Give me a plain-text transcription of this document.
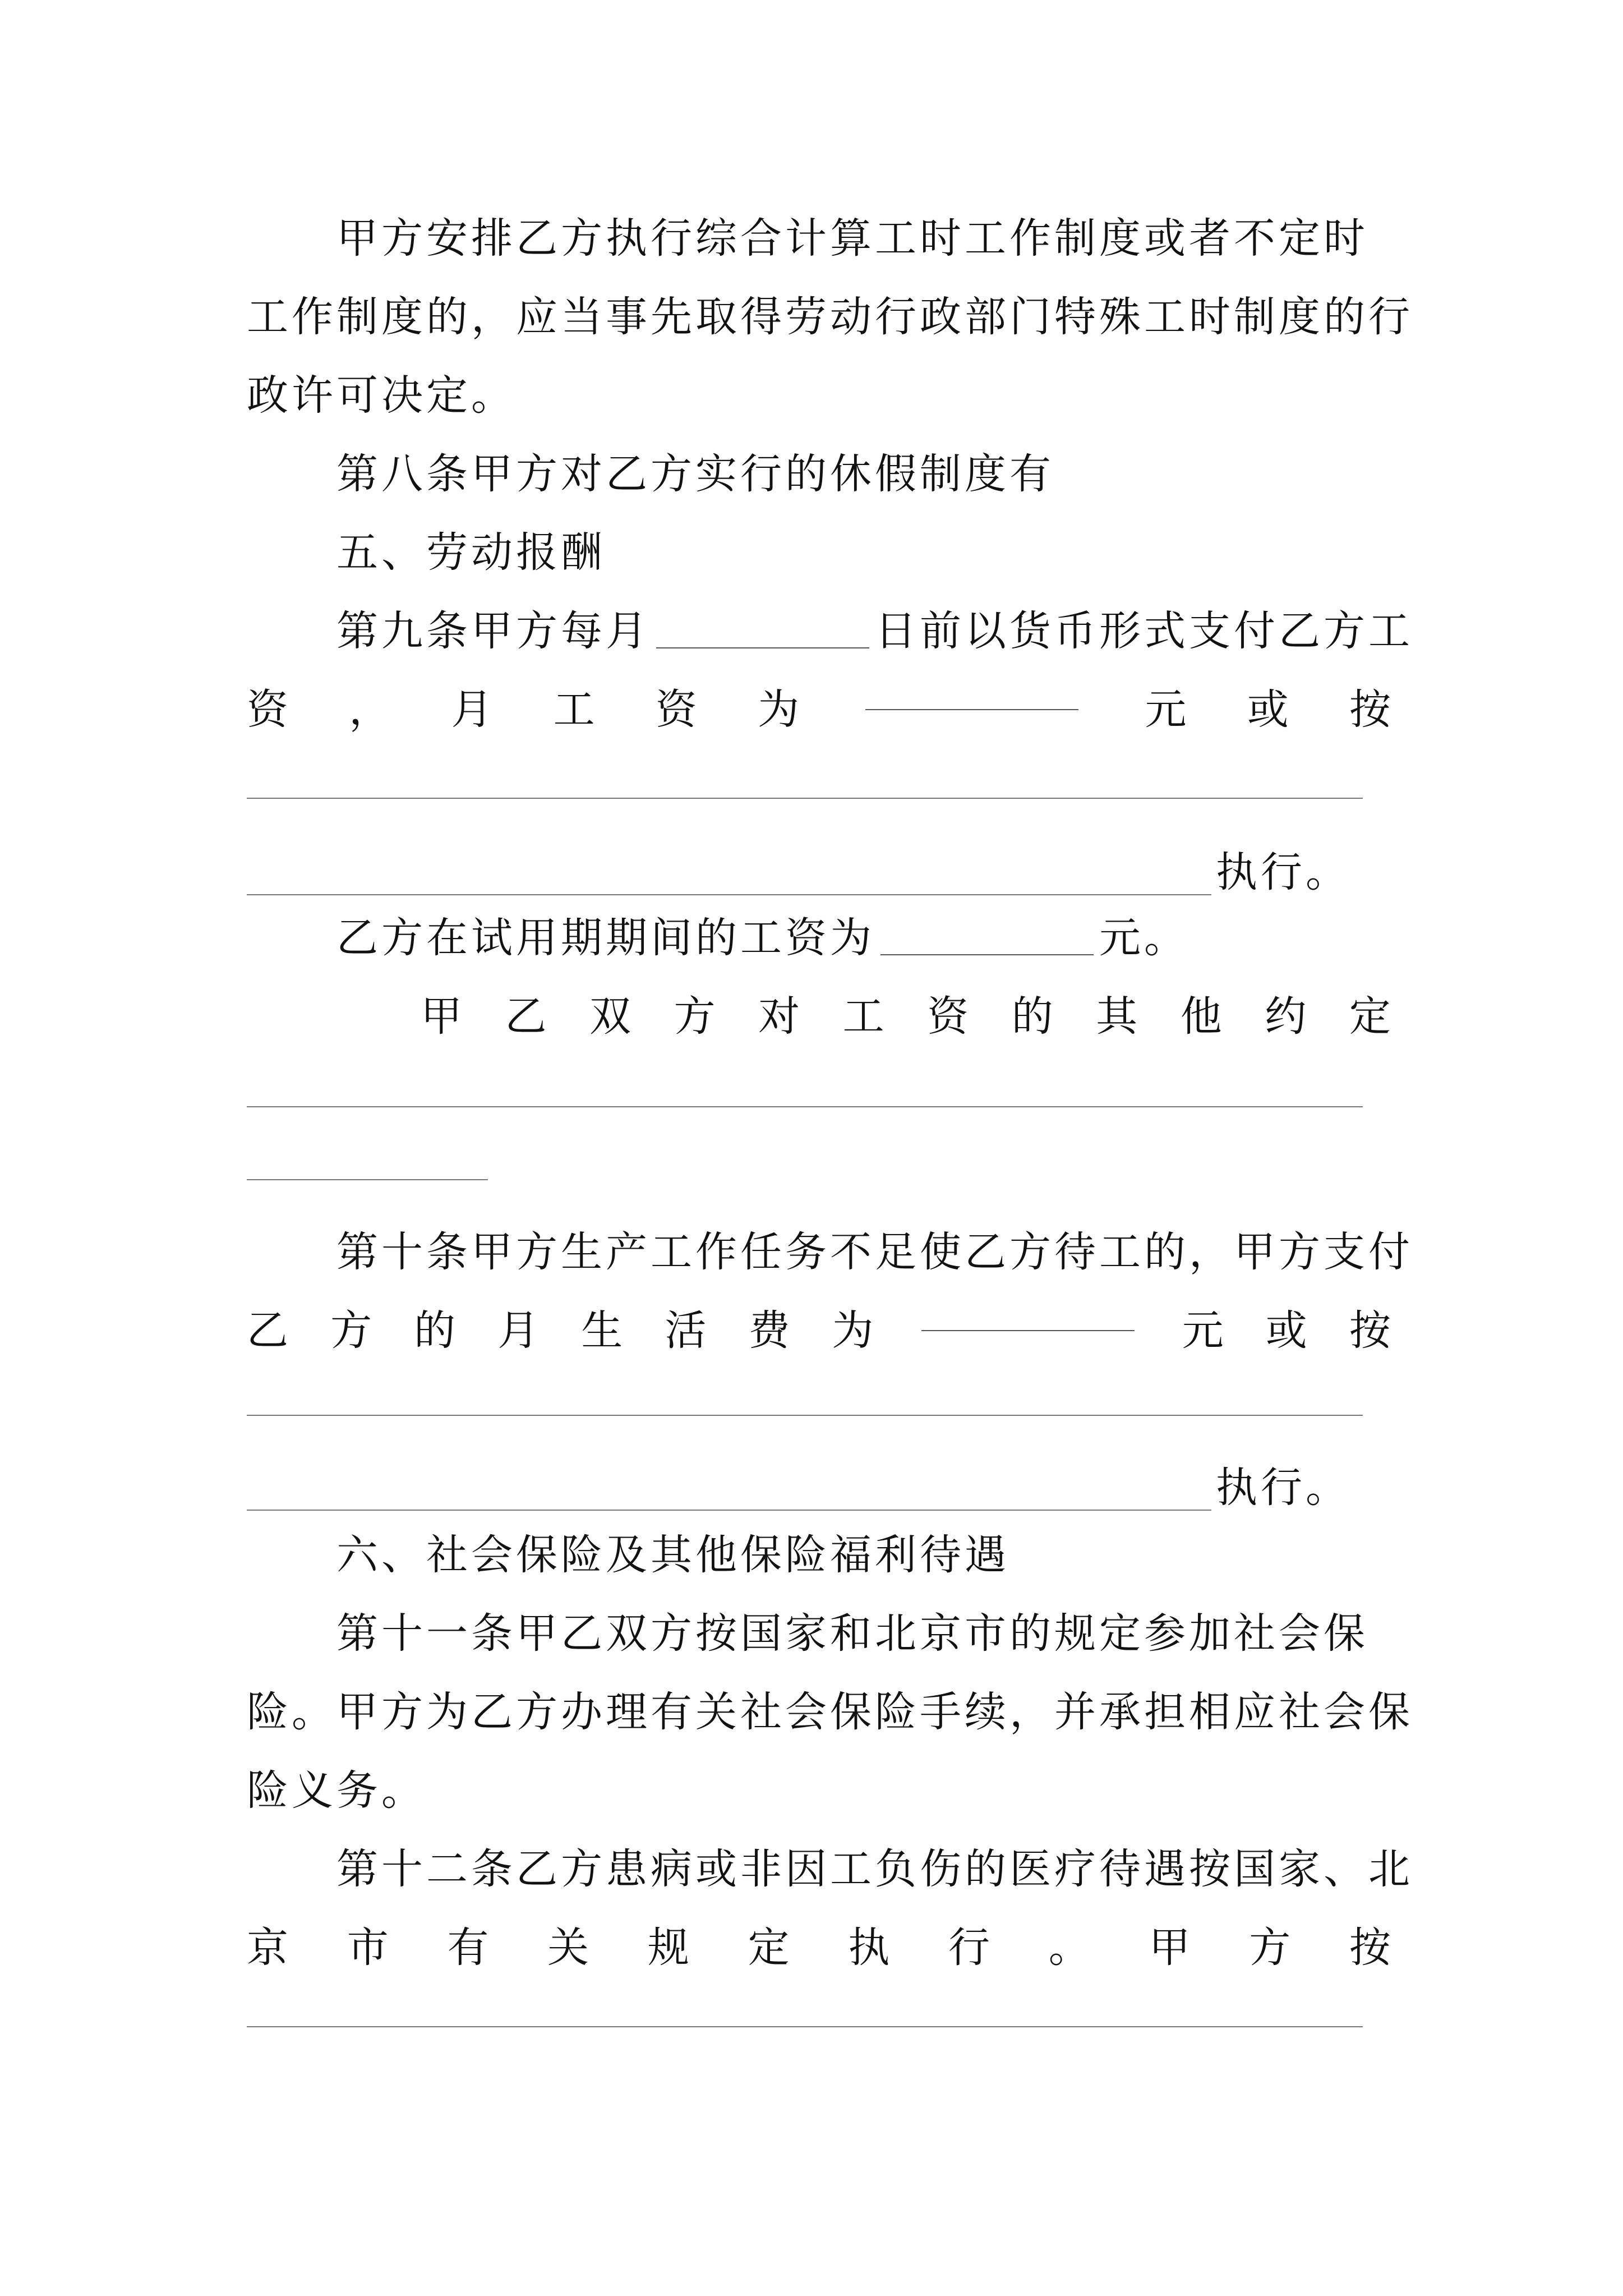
甲方安排乙方执行综合计算工时工作制度或者不定时
工作制度的，应当事先取得劳动行政部门特殊工时制度的行
政许可决定。
第八条甲方对乙方实行的休假制度有
五、劳动报酬
第九条甲方每月	日前以货币形式支付乙方工
资 ， 月 工 资 为	元 或 按
执行。
乙方在试用期期间的工资为	元。
甲 乙 双 方 对 工 资 的 其 他 约 定
第十条甲方生产工作任务不足使乙方待工的，甲方支付
乙 方 的 月 生 活 费 为	元 或 按
执行。
六、社会保险及其他保险福利待遇
第十一条甲乙双方按国家和北京市的规定参加社会保
险。甲方为乙方办理有关社会保险手续，并承担相应社会保
险义务。
第十二条乙方患病或非因工负伤的医疗待遇按国家、北
京 市 有 关 规 定 执 行 。 甲 方 按
